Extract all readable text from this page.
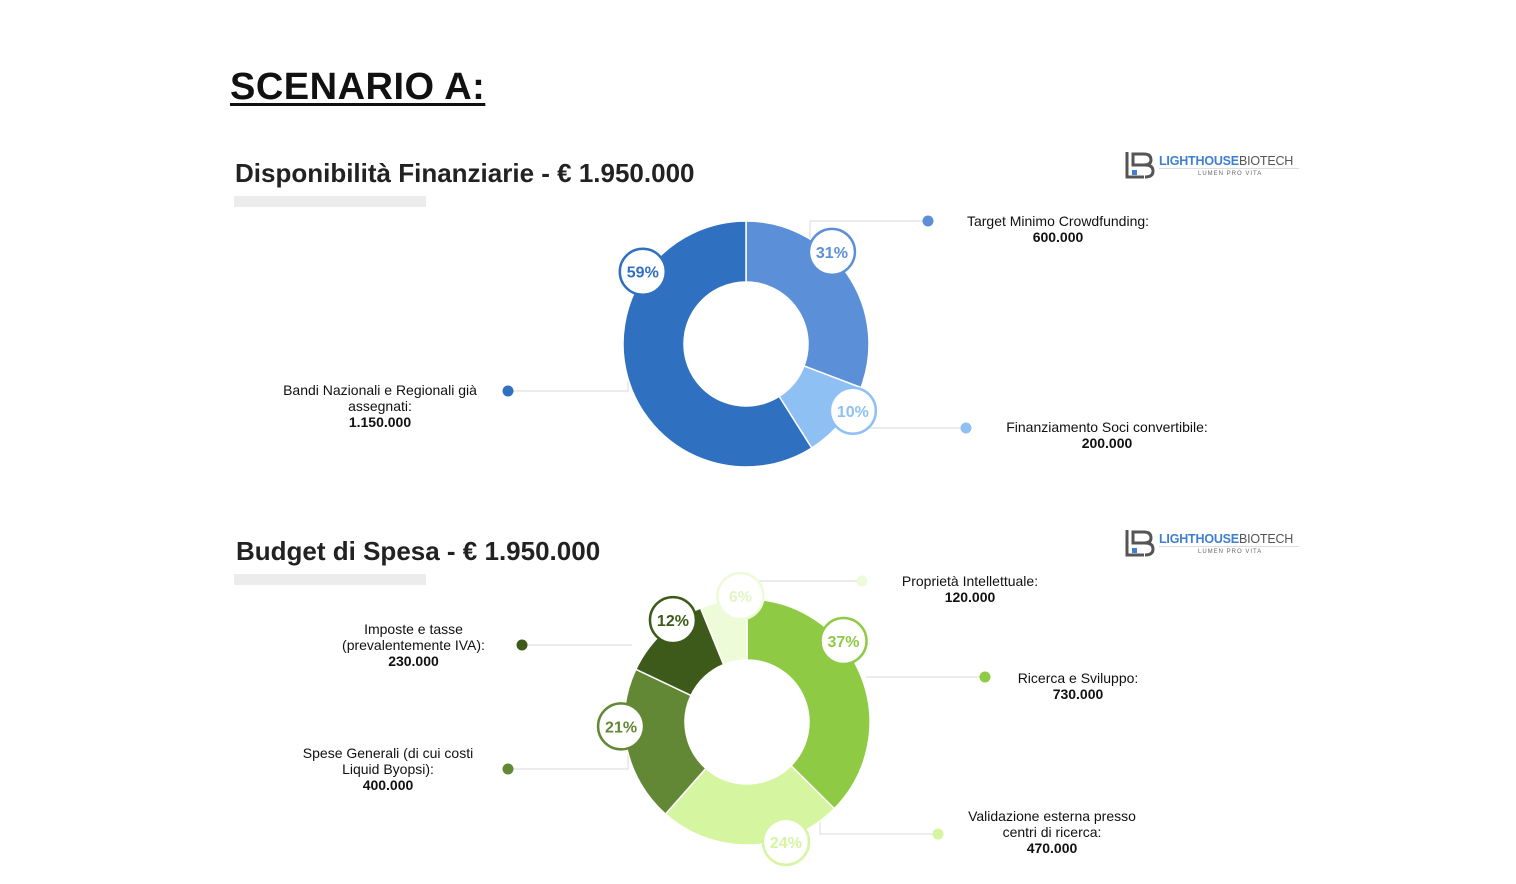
SCENARIO A:
Disponibilità Finanziarie - € 1.950.000	LIGHTHOUSEBIOTECH
LUMEN PRO VITA
Budget di Spesa - € 1.950.000	LIGHTHOUSEBIOTECH
LUMEN PRO VITA
31%
10%
59%
37%
24%
21%
12%
6%
Target Minimo Crowdfunding:
600.000
Finanziamento Soci convertibile:
200.000
Bandi Nazionali e Regionali già assegnati:
1.150.000
Ricerca e Sviluppo:
730.000
Validazione esterna presso centri di ricerca:
470.000
Spese Generali (di cui costi Liquid Byopsi):
400.000
Imposte e tasse (prevalentemente IVA):
230.000
Proprietà Intellettuale:
120.000
